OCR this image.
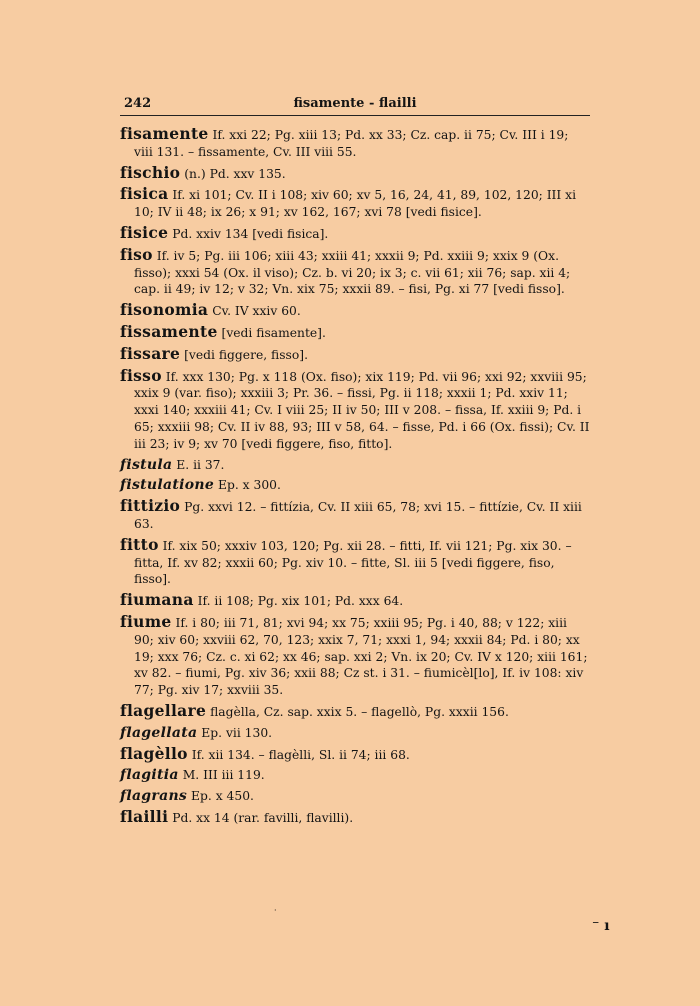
242	fisamente - flailli
fisamente If. xxi 22; Pg. xiii 13; Pd. xx 33; Cz. cap. ii 75; Cv. III i 19; viii 131. – fissamente, Cv. III viii 55.
fischio (n.) Pd. xxv 135.
fisica If. xi 101; Cv. II i 108; xiv 60; xv 5, 16, 24, 41, 89, 102, 120; III xi 10; IV ii 48; ix 26; x 91; xv 162, 167; xvi 78 [vedi fisice].
fisice Pd. xxiv 134 [vedi fisica].
fiso If. iv 5; Pg. iii 106; xiii 43; xxiii 41; xxxii 9; Pd. xxiii 9; xxix 9 (Ox. fisso); xxxi 54 (Ox. il viso); Cz. b. vi 20; ix 3; c. vii 61; xii 76; sap. xii 4; cap. ii 49; iv 12; v 32; Vn. xix 75; xxxii 89. – fisi, Pg. xi 77 [vedi fisso].
fisonomia Cv. IV xxiv 60.
fissamente [vedi fisamente].
fissare [vedi figgere, fisso].
fisso If. xxx 130; Pg. x 118 (Ox. fiso); xix 119; Pd. vii 96; xxi 92; xxviii 95; xxix 9 (var. fiso); xxxiii 3; Pr. 36. – fissi, Pg. ii 118; xxxii 1; Pd. xxiv 11; xxxi 140; xxxiii 41; Cv. I viii 25; II iv 50; III v 208. – fissa, If. xxiii 9; Pd. i 65; xxxiii 98; Cv. II iv 88, 93; III v 58, 64. – fisse, Pd. i 66 (Ox. fissi); Cv. II iii 23; iv 9; xv 70 [vedi figgere, fiso, fitto].
fistula E. ii 37.
fistulatione Ep. x 300.
fittizio Pg. xxvi 12. – fittízia, Cv. II xiii 65, 78; xvi 15. – fittízie, Cv. II xiii 63.
fitto If. xix 50; xxxiv 103, 120; Pg. xii 28. – fitti, If. vii 121; Pg. xix 30. – fitta, If. xv 82; xxxii 60; Pg. xiv 10. – fitte, Sl. iii 5 [vedi figgere, fiso, fisso].
fiumana If. ii 108; Pg. xix 101; Pd. xxx 64.
fiume If. i 80; iii 71, 81; xvi 94; xx 75; xxiii 95; Pg. i 40, 88; v 122; xiii 90; xiv 60; xxviii 62, 70, 123; xxix 7, 71; xxxi 1, 94; xxxii 84; Pd. i 80; xx 19; xxx 76; Cz. c. xi 62; xx 46; sap. xxi 2; Vn. ix 20; Cv. IV x 120; xiii 161; xv 82. – fiumi, Pg. xiv 36; xxii 88; Cz st. i 31. – fiumicèl[lo], If. iv 108: xiv 77; Pg. xiv 17; xxviii 35.
flagellare flagèlla, Cz. sap. xxix 5. – flagellò, Pg. xxxii 156.
flagellata Ep. vii 130.
flagèllo If. xii 134. – flagèlli, Sl. ii 74; iii 68.
flagitia M. III iii 119.
flagrans Ep. x 450.
flailli Pd. xx 14 (rar. favilli, flavilli).
·
⁻ ı
